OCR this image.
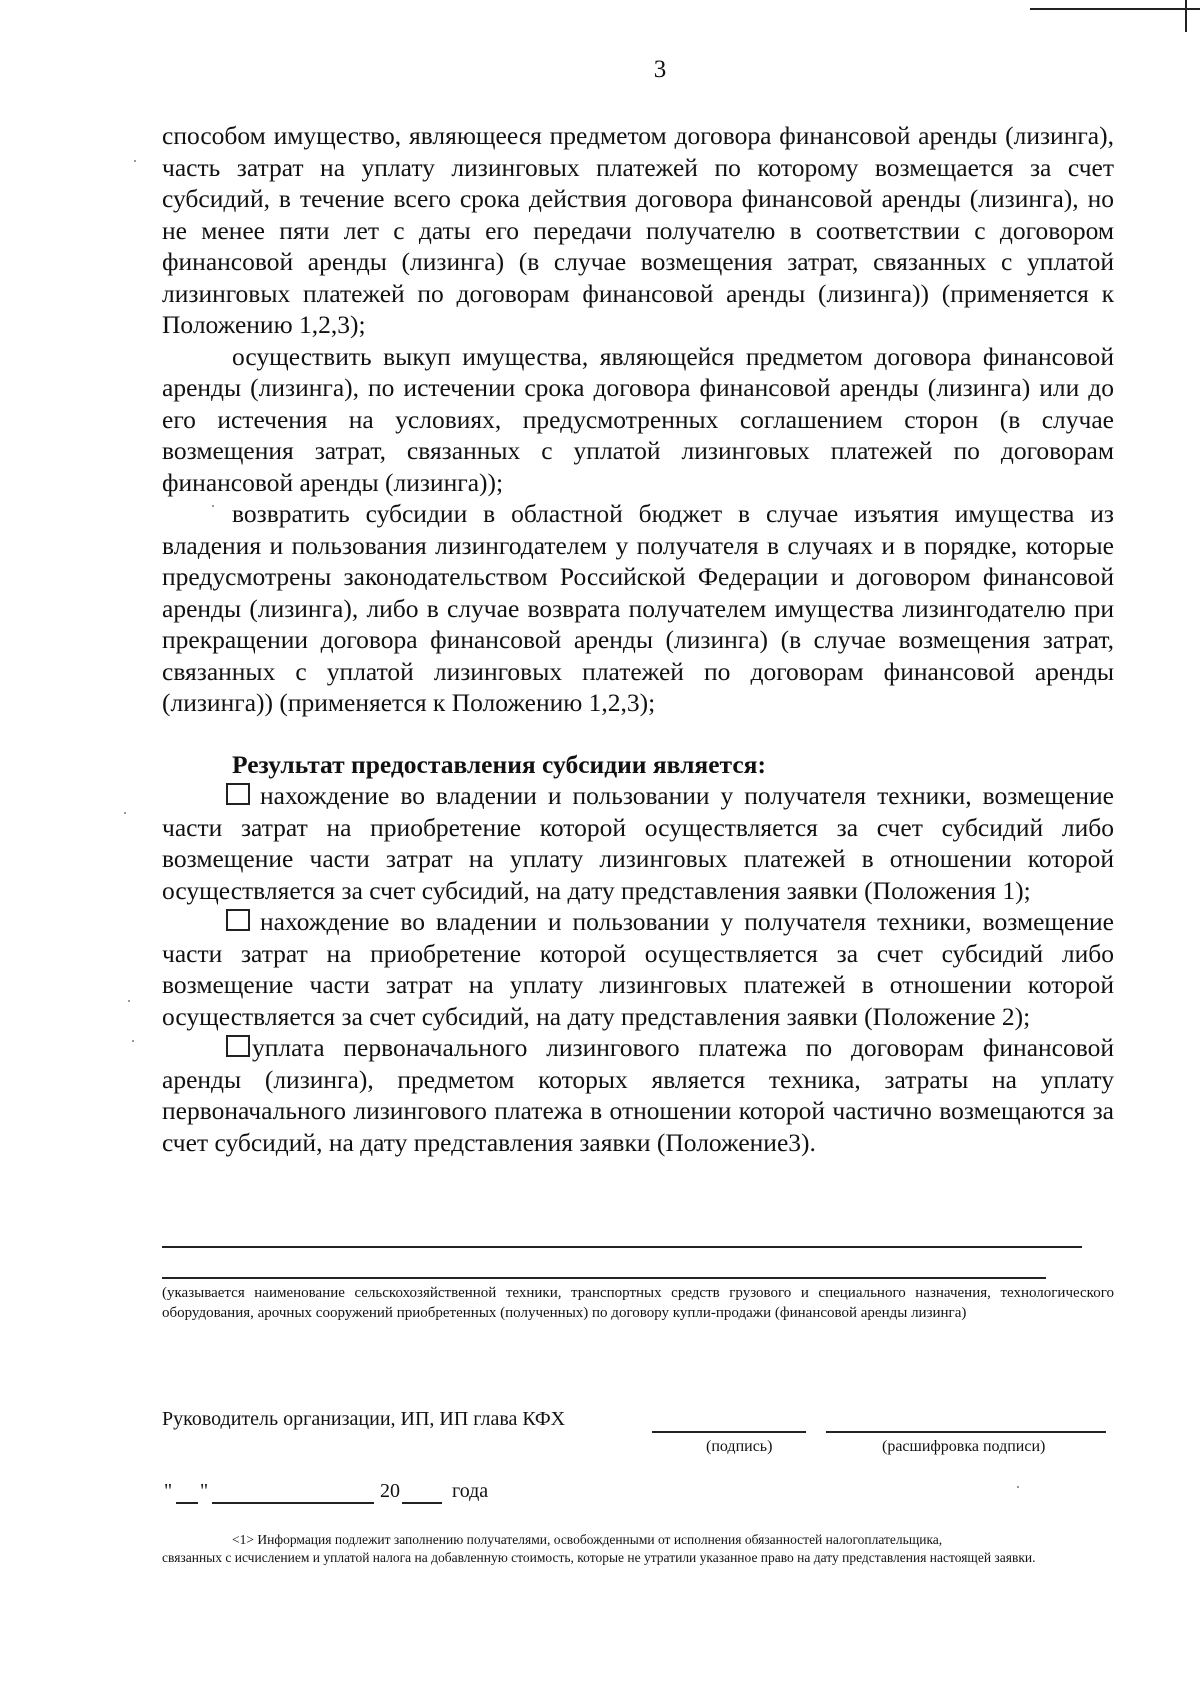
3

способом имущество, являющееся предметом договора финансовой аренды (лизинга), часть затрат на уплату лизинговых платежей по которому возмещается за счет субсидий, в течение всего срока действия договора финансовой аренды (лизинга), но не менее пяти лет с даты его передачи получателю в соответствии с договором финансовой аренды (лизинга) (в случае возмещения затрат, связанных с уплатой лизинговых платежей по договорам финансовой аренды (лизинга)) (применяется к Положению 1,2,3);

осуществить выкуп имущества, являющейся предметом договора финансовой аренды (лизинга), по истечении срока договора финансовой аренды (лизинга) или до его истечения на условиях, предусмотренных соглашением сторон (в случае возмещения затрат, связанных с уплатой лизинговых платежей по договорам финансовой аренды (лизинга));

возвратить субсидии в областной бюджет в случае изъятия имущества из владения и пользования лизингодателем у получателя в случаях и в порядке, которые предусмотрены законодательством Российской Федерации и договором финансовой аренды (лизинга), либо в случае возврата получателем имущества лизингодателю при прекращении договора финансовой аренды (лизинга) (в случае возмещения затрат, связанных с уплатой лизинговых платежей по договорам финансовой аренды (лизинга)) (применяется к Положению 1,2,3);

Результат предоставления субсидии является:

нахождение во владении и пользовании у получателя техники, возмещение части затрат на приобретение которой осуществляется за счет субсидий либо возмещение части затрат на уплату лизинговых платежей в отношении которой осуществляется за счет субсидий, на дату представления заявки (Положения 1);

нахождение во владении и пользовании у получателя техники, возмещение части затрат на приобретение которой осуществляется за счет субсидий либо возмещение части затрат на уплату лизинговых платежей в отношении которой осуществляется за счет субсидий, на дату представления заявки (Положение 2);

уплата первоначального лизингового платежа по договорам финансовой аренды (лизинга), предметом которых является техника, затраты на уплату первоначального лизингового платежа в отношении которой частично возмещаются за счет субсидий, на дату представления заявки (Положение3).

(указывается наименование сельскохозяйственной техники, транспортных средств грузового и специального назначения, технологического оборудования, арочных сооружений приобретенных (полученных) по договору купли-продажи (финансовой аренды лизинга)
Руководитель организации, ИП, ИП глава КФХ
(подпись)	(расшифровка подписи)
" "	20	года
<1> Информация подлежит заполнению получателями, освобожденными от исполнения обязанностей налогоплательщика,
связанных с исчислением и уплатой налога на добавленную стоимость, которые не утратили указанное право на дату представления настоящей заявки.
